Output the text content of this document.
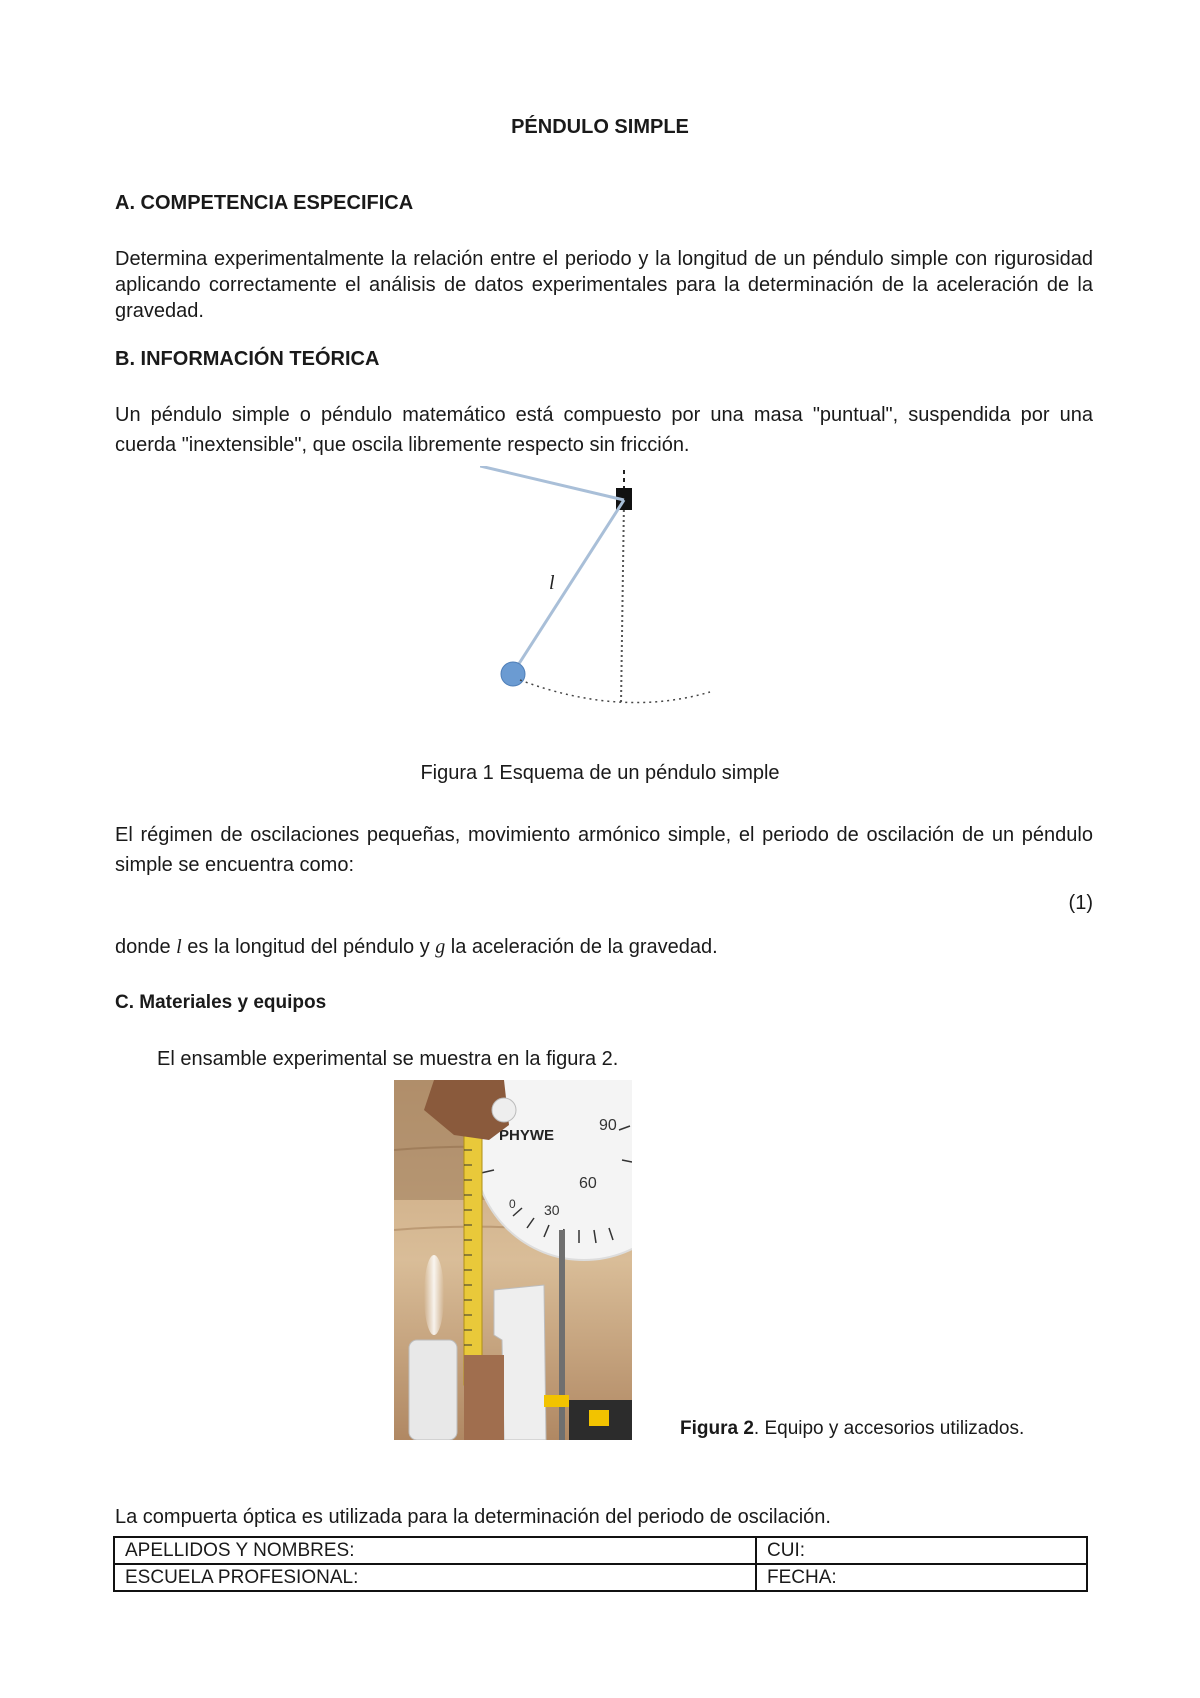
PÉNDULO SIMPLE
A. COMPETENCIA ESPECIFICA
Determina experimentalmente la relación entre el periodo y la longitud de un péndulo simple con rigurosidad aplicando correctamente el análisis de datos experimentales para la determinación de la aceleración de la gravedad.
B. INFORMACIÓN TEÓRICA
Un péndulo simple o péndulo matemático está compuesto por una masa "puntual", suspendida por una cuerda "inextensible", que oscila libremente respecto sin fricción.
l
Figura 1 Esquema de un péndulo simple
El régimen de oscilaciones pequeñas, movimiento armónico simple, el periodo de oscilación de un péndulo simple se encuentra como:
(1)
donde l es la longitud del péndulo y g la aceleración de la gravedad.
C. Materiales y equipos
El ensamble experimental se muestra en la figura 2.
90
60
30
0
PHYWE
Figura 2. Equipo y accesorios utilizados.
La compuerta óptica es utilizada para la determinación del periodo de oscilación.
APELLIDOS Y NOMBRES:	CUI:
ESCUELA PROFESIONAL:	FECHA:
